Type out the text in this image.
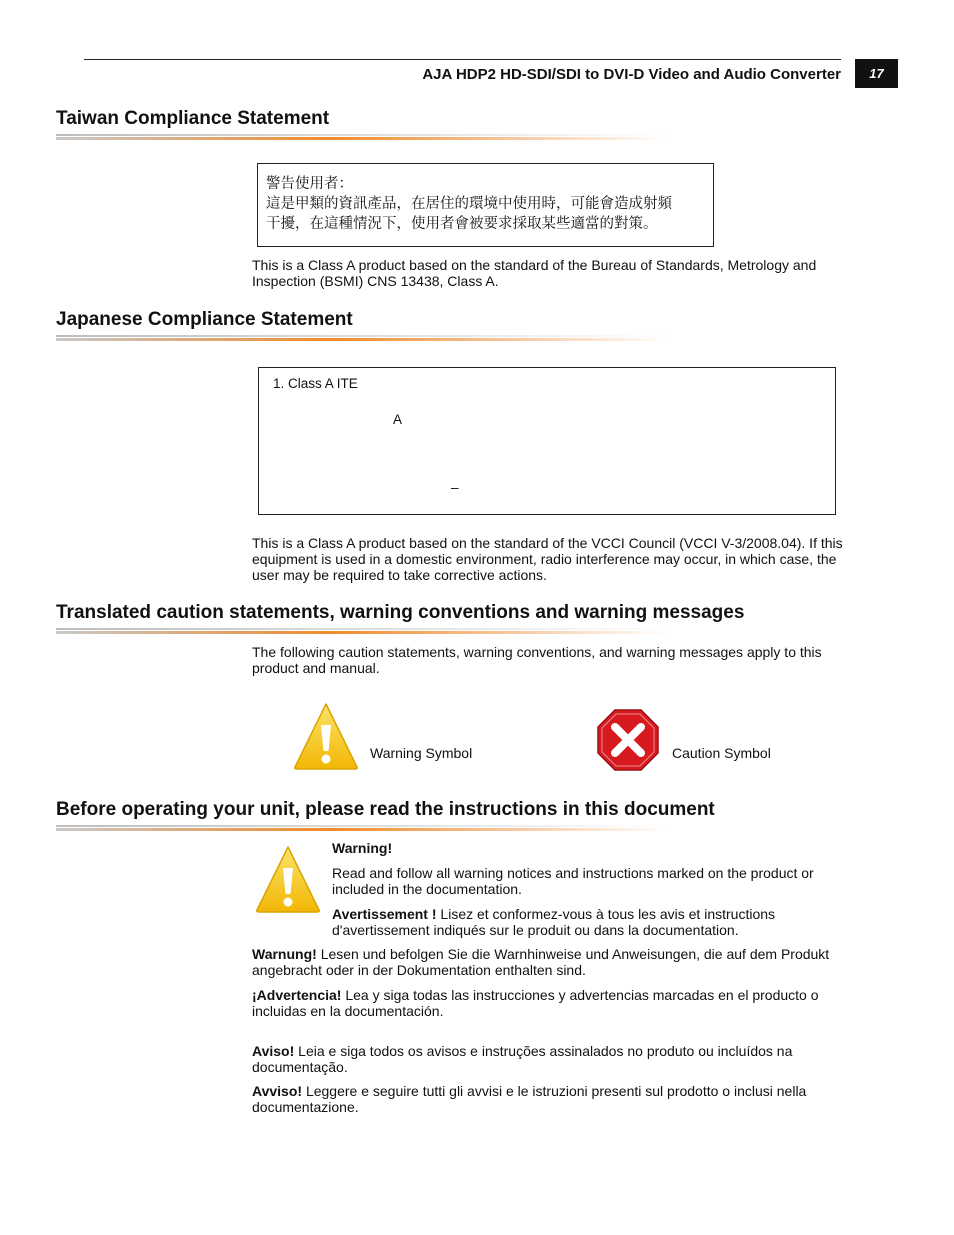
AJA HDP2 HD-SDI/SDI to DVI-D Video and Audio Converter	17
Taiwan Compliance Statement
警告使用者：
這是甲類的資訊產品，在居住的環境中使用時，可能會造成射頻
干擾，在這種情況下，使用者會被要求採取某些適當的對策。

This is a Class A product based on the standard of the Bureau of Standards, Metrology and Inspection (BSMI) CNS 13438, Class A.

Japanese Compliance Statement
1. Class A ITE
A
–

This is a Class A product based on the standard of the VCCI Council (VCCI V-3/2008.04). If this equipment is used in a domestic environment, radio interference may occur, in which case, the user may be required to take corrective actions.

Translated caution statements, warning conventions and warning messages

The following caution statements, warning conventions, and warning messages apply to this product and manual.

Warning Symbol	Caution Symbol
Before operating your unit, please read the instructions in this document

Warning!

Read and follow all warning notices and instructions marked on the product or included in the documentation.

Avertissement ! Lisez et conformez-vous à tous les avis et instructions d'avertissement indiqués sur le produit ou dans la documentation.

Warnung! Lesen und befolgen Sie die Warnhinweise und Anweisungen, die auf dem Produkt angebracht oder in der Dokumentation enthalten sind.

¡Advertencia! Lea y siga todas las instrucciones y advertencias marcadas en el producto o incluidas en la documentación.

Aviso! Leia e siga todos os avisos e instruções assinalados no produto ou incluídos na documentação.

Avviso! Leggere e seguire tutti gli avvisi e le istruzioni presenti sul prodotto o inclusi nella documentazione.
